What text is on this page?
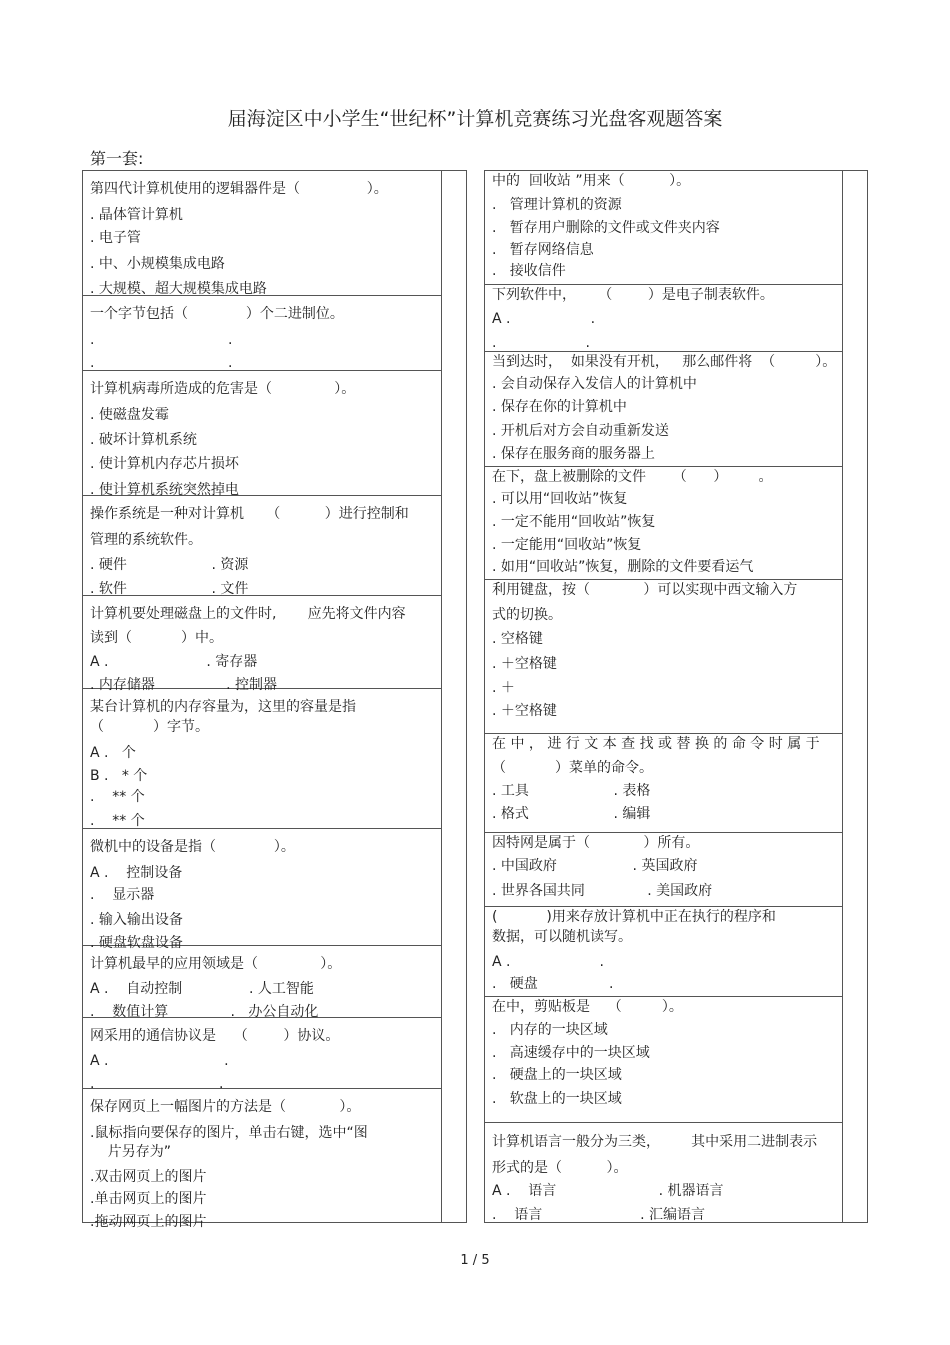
届海淀区中小学生“世纪杯”计算机竞赛练习光盘客观题答案
第一套:
第四代计算机使用的逻辑器件是（               ）。
. 晶体管计算机
. 电子管
. 中、小规模集成电路
. 大规模、超大规模集成电路
一个字节包括（             ）个二进制位。
.                              .
.                              .
计算机病毒所造成的危害是（              ）。
. 使磁盘发霉
. 破坏计算机系统
. 使计算机内存芯片损坏
. 使计算机系统突然掉电
操作系统是一种对计算机     （          ）进行控制和
管理的系统软件。
. 硬件                   . 资源
. 软件                   . 文件
计算机要处理磁盘上的文件时,       应先将文件内容
读到（           ）中。
A .                      . 寄存器
. 内存储器                . 控制器
某台计算机的内存容量为，这里的容量是指
（           ）字节。
A .   个
B .   * 个
.    ** 个
.    ** 个
微机中的设备是指（             ）。
A .    控制设备
.    显示器
. 输入输出设备
. 硬盘软盘设备
计算机最早的应用领域是（              ）。
A .    自动控制               . 人工智能
.    数值计算              .   办公自动化
网采用的通信协议是    （        ）协议。
A .                          .
.                            .
保存网页上一幅图片的方法是（            ）。
.鼠标指向要保存的图片，单击右键，选中“图
片另存为”
.双击网页上的图片
.单击网页上的图片
.拖动网页上的图片
中的  回收站 ”用来（          ）。
.   管理计算机的资源
.   暂存用户删除的文件或文件夹内容
.   暂存网络信息
.   接收信件
下列软件中，     （        ）是电子制表软件。
A .                  .
.                    .
当到达时，  如果没有开机，   那么邮件将  （         ）。
. 会自动保存入发信人的计算机中
. 保存在你的计算机中
. 开机后对方会自动重新发送
. 保存在服务商的服务器上
在下，盘上被删除的文件      （      ）       。
. 可以用“回收站”恢复
. 一定不能用“回收站”恢复
. 一定能用“回收站”恢复
. 如用“回收站”恢复，删除的文件要看运气
利用键盘，按（            ）可以实现中西文输入方
式的切换。
. 空格键
. ＋空格键
. ＋
. ＋空格键
在 中 ， 进 行 文 本 查 找 或 替 换 的 命 令 时 属 于
（           ）菜单的命令。
. 工具                   . 表格
. 格式                   . 编辑
因特网是属于（            ）所有。
. 中国政府                 . 英国政府
. 世界各国共同              . 美国政府
(           )用来存放计算机中正在执行的程序和
数据，可以随机读写。
A .                    .
.   硬盘                .
在中，剪贴板是    （         ）。
.   内存的一块区域
.   高速缓存中的一块区域
.   硬盘上的一块区域
.   软盘上的一块区域
计算机语言一般分为三类，       其中采用二进制表示
形式的是（          ）。
A .    语言                       . 机器语言
.    语言                      . 汇编语言
1 / 5
